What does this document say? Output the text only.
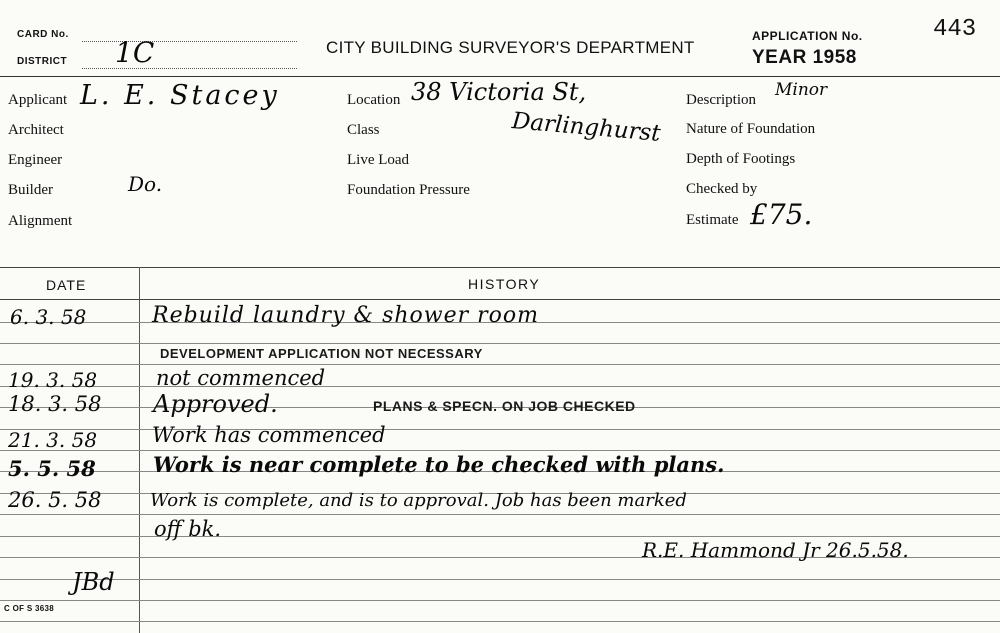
CARD No.
DISTRICT 1C	CITY BUILDING SURVEYOR'S DEPARTMENT
APPLICATION No.
YEAR 1958
443
Applicant L. E. Stacey
Architect
Engineer
Builder	Do.
Alignment
Location 38 Victoria St,
Class	Darlinghurst
Live Load
Foundation Pressure
Description Minor
Nature of Foundation
Depth of Footings
Checked by
Estimate £75.
DATE	HISTORY
6. 3. 58	Rebuild laundry & shower room
DEVELOPMENT APPLICATION NOT NECESSARY
19. 3. 58	not commenced
18. 3. 58 Approved.	PLANS & SPECN. ON JOB CHECKED
21. 3. 58	Work has commenced
5. 5. 58	Work is near complete to be checked with plans.
26. 5. 58	Work is complete, and is to approval. Job has been marked
off bk.
R.E. Hammond Jr 26.5.58.
JBd
C OF S 3638
